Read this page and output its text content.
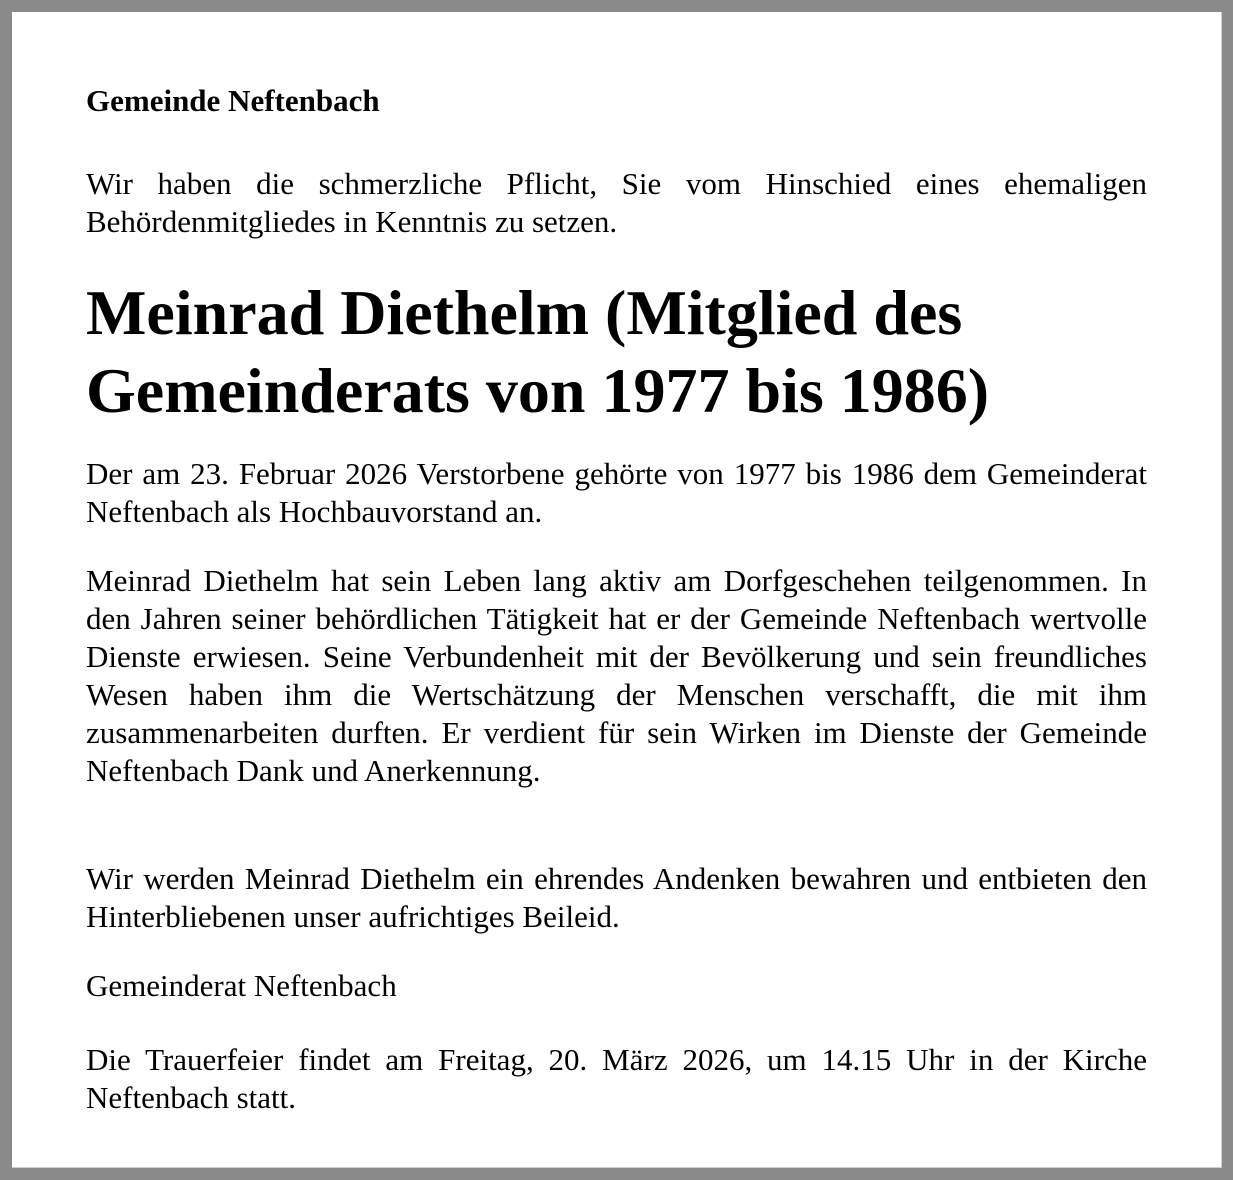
Gemeinde Neftenbach

Wir haben die schmerzliche Pflicht, Sie vom Hinschied eines ehemaligen Behördenmitgliedes in Kenntnis zu setzen.

Meinrad Diethelm (Mitglied des
Gemeinderats von 1977 bis 1986)

Der am 23. Februar 2026 Verstorbene gehörte von 1977 bis 1986 dem Gemeinderat Neftenbach als Hochbauvorstand an.

Meinrad Diethelm hat sein Leben lang aktiv am Dorfgeschehen teilgenommen. In den Jahren seiner behördlichen Tätigkeit hat er der Gemeinde Neftenbach wertvolle Dienste erwiesen. Seine Verbundenheit mit der Bevölkerung und sein freundliches Wesen haben ihm die Wertschätzung der Menschen verschafft, die mit ihm zusammenarbeiten durften. Er verdient für sein Wirken im Dienste der Gemeinde Neftenbach Dank und Anerkennung.

Wir werden Meinrad Diethelm ein ehrendes Andenken bewahren und entbieten den Hinterbliebenen unser aufrichtiges Beileid.

Gemeinderat Neftenbach

Die Trauerfeier findet am Freitag, 20. März 2026, um 14.15 Uhr in der Kirche Neftenbach statt.
